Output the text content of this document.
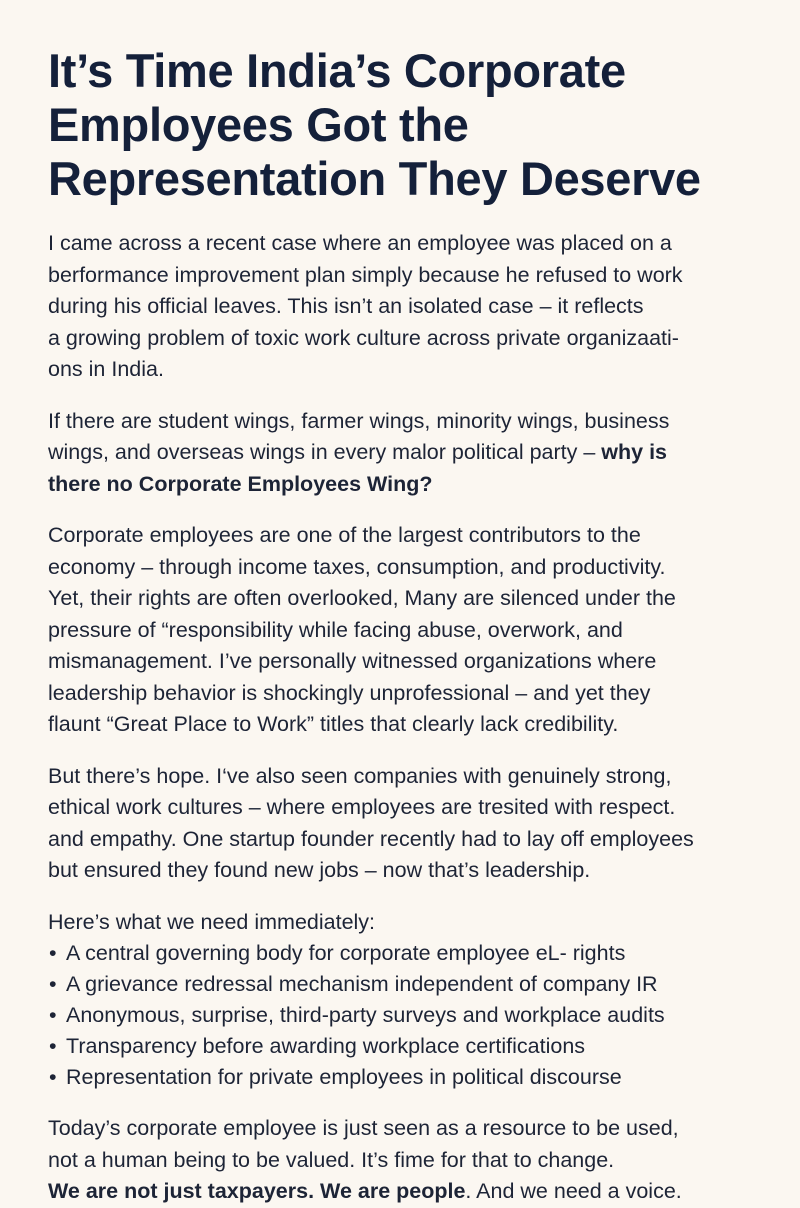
It’s Time India’s Corporate
Employees Got the
Representation They Deserve

I came across a recent case where an employee was placed on a
berformance improvement plan simply because he refused to work
during his official leaves. This isn’t an isolated case – it reflects
a growing problem of toxic work culture across private organizaati-
ons in India.

If there are student wings, farmer wings, minority wings, business
wings, and overseas wings in every malor political party – why is
there no Corporate Employees Wing?

Corporate employees are one of the largest contributors to the
economy – through income taxes, consumption, and productivity.
Yet, their rights are often overlooked, Many are silenced under the
pressure of “responsibility while facing abuse, overwork, and
mismanagement. I’ve personally witnessed organizations where
leadership behavior is shockingly unprofessional – and yet they
flaunt “Great Place to Work” titles that clearly lack credibility.

But there’s hope. I‘ve also seen companies with genuinely strong,
ethical work cultures – where employees are tresited with respect.
and empathy. One startup founder recently had to lay off employees
but ensured they found new jobs – now that’s leadership.

Here’s what we need immediately:

• A central governing body for corporate employee eL- rights
• A grievance redressal mechanism independent of company IR
• Anonymous, surprise, third-party surveys and workplace audits
• Transparency before awarding workplace certifications
• Representation for private employees in political discourse

Today’s corporate employee is just seen as a resource to be used,
not a human being to be valued. It’s fime for that to change.
We are not just taxpayers. We are people. And we need a voice.
